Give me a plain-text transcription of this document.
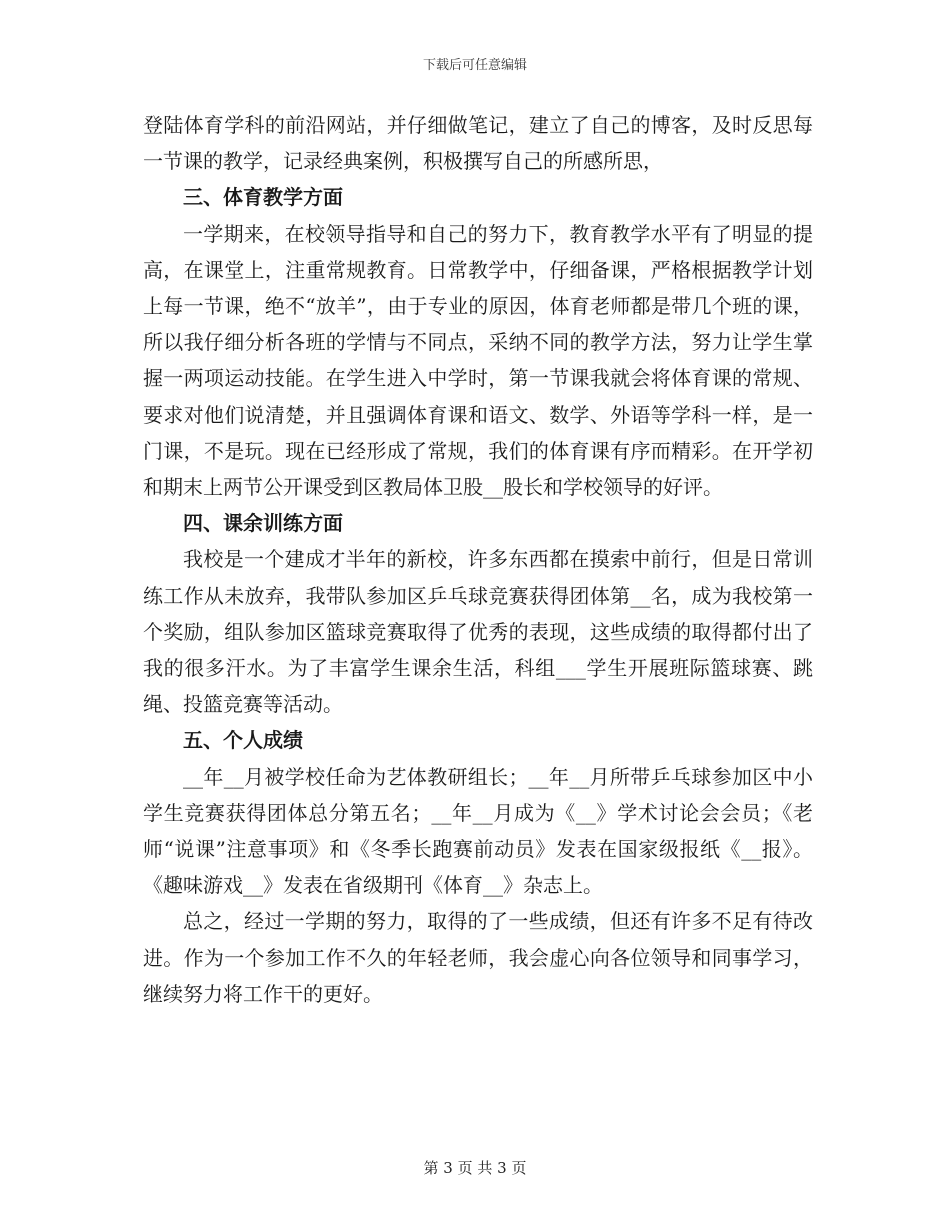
下载后可任意编辑

登陆体育学科的前沿网站，并仔细做笔记，建立了自己的博客，及时反思每一节课的教学，记录经典案例，积极撰写自己的所感所思，

三、体育教学方面

一学期来，在校领导指导和自己的努力下，教育教学水平有了明显的提高，在课堂上，注重常规教育。日常教学中，仔细备课，严格根据教学计划上每一节课，绝不“放羊”，由于专业的原因，体育老师都是带几个班的课，所以我仔细分析各班的学情与不同点，采纳不同的教学方法，努力让学生掌握一两项运动技能。在学生进入中学时，第一节课我就会将体育课的常规、要求对他们说清楚，并且强调体育课和语文、数学、外语等学科一样，是一门课，不是玩。现在已经形成了常规，我们的体育课有序而精彩。在开学初和期末上两节公开课受到区教局体卫股__股长和学校领导的好评。

四、课余训练方面

我校是一个建成才半年的新校，许多东西都在摸索中前行，但是日常训练工作从未放弃，我带队参加区乒乓球竞赛获得团体第__名，成为我校第一个奖励，组队参加区篮球竞赛取得了优秀的表现，这些成绩的取得都付出了我的很多汗水。为了丰富学生课余生活，科组___学生开展班际篮球赛、跳绳、投篮竞赛等活动。

五、个人成绩

__年__月被学校任命为艺体教研组长；__年__月所带乒乓球参加区中小学生竞赛获得团体总分第五名；__年__月成为《__》学术讨论会会员；《老师“说课”注意事项》和《冬季长跑赛前动员》发表在国家级报纸《__报》。《趣味游戏__》发表在省级期刊《体育__》杂志上。

总之，经过一学期的努力，取得的了一些成绩，但还有许多不足有待改进。作为一个参加工作不久的年轻老师，我会虚心向各位领导和同事学习，继续努力将工作干的更好。

第 3 页 共 3 页
